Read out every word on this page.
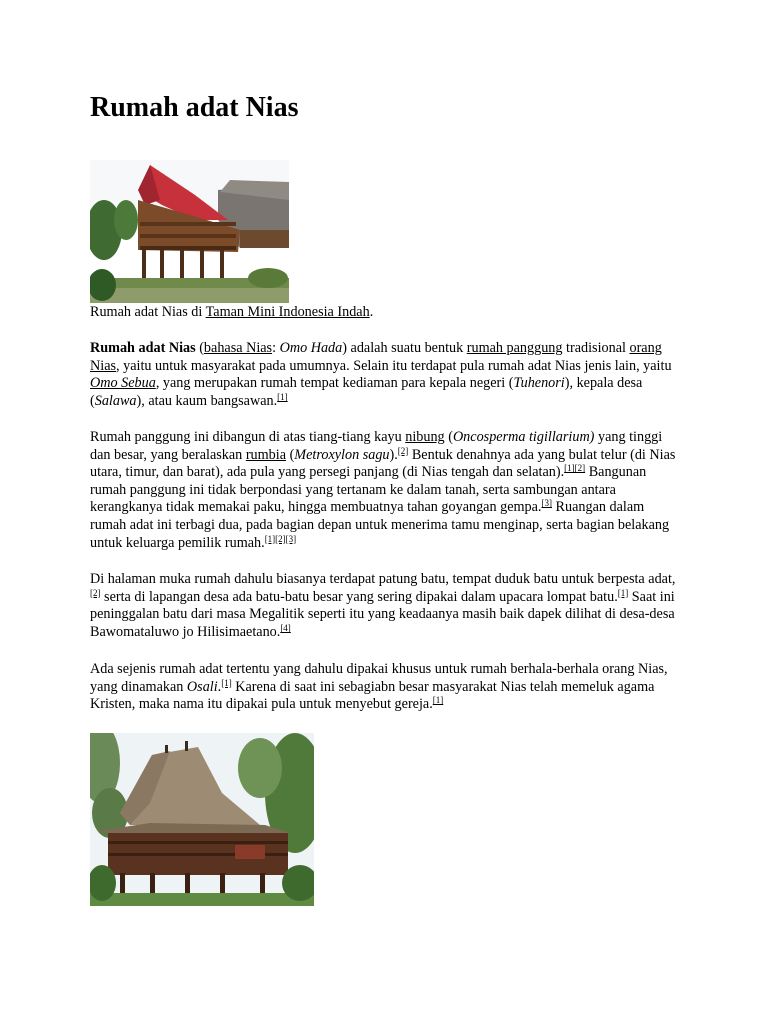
Rumah adat Nias
Rumah adat Nias di Taman Mini Indonesia Indah.

Rumah adat Nias (bahasa Nias: Omo Hada) adalah suatu bentuk rumah panggung tradisional orang Nias, yaitu untuk masyarakat pada umumnya. Selain itu terdapat pula rumah adat Nias jenis lain, yaitu Omo Sebua, yang merupakan rumah tempat kediaman para kepala negeri (Tuhenori), kepala desa (Salawa), atau kaum bangsawan.[1]

Rumah panggung ini dibangun di atas tiang-tiang kayu nibung (Oncosperma tigillarium) yang tinggi dan besar, yang beralaskan rumbia (Metroxylon sagu).[2] Bentuk denahnya ada yang bulat telur (di Nias utara, timur, dan barat), ada pula yang persegi panjang (di Nias tengah dan selatan).[1][2] Bangunan rumah panggung ini tidak berpondasi yang tertanam ke dalam tanah, serta sambungan antara kerangkanya tidak memakai paku, hingga membuatnya tahan goyangan gempa.[3] Ruangan dalam rumah adat ini terbagi dua, pada bagian depan untuk menerima tamu menginap, serta bagian belakang untuk keluarga pemilik rumah.[1][2][3]

Di halaman muka rumah dahulu biasanya terdapat patung batu, tempat duduk batu untuk berpesta adat,[2] serta di lapangan desa ada batu-batu besar yang sering dipakai dalam upacara lompat batu.[1] Saat ini peninggalan batu dari masa Megalitik seperti itu yang keadaanya masih baik dapek dilihat di desa-desa Bawomataluwo jo Hilisimaetano.[4]

Ada sejenis rumah adat tertentu yang dahulu dipakai khusus untuk rumah berhala-berhala orang Nias, yang dinamakan Osali.[1] Karena di saat ini sebagiabn besar masyarakat Nias telah memeluk agama Kristen, maka nama itu dipakai pula untuk menyebut gereja.[1]
